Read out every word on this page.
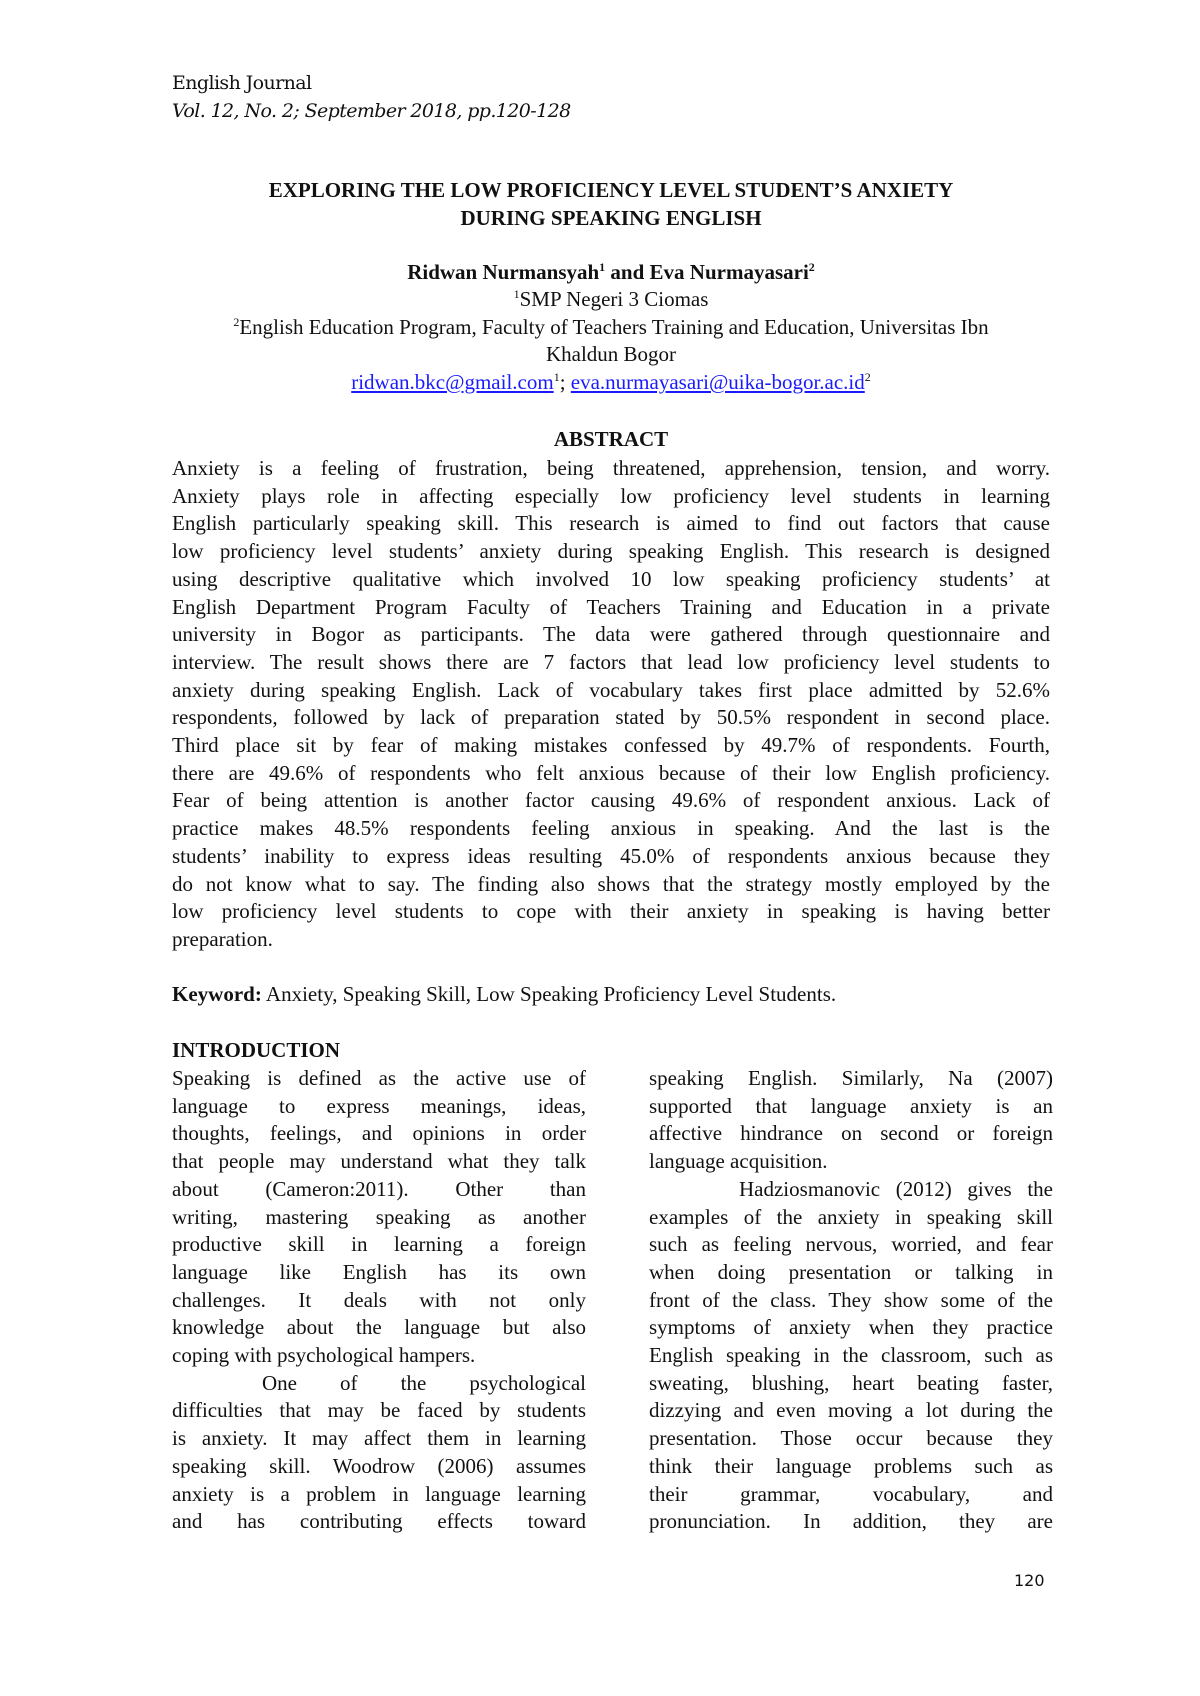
English Journal
Vol. 12, No. 2; September 2018, pp.120-128
EXPLORING THE LOW PROFICIENCY LEVEL STUDENT’S ANXIETY
DURING SPEAKING ENGLISH
Ridwan Nurmansyah$^1$ and Eva Nurmayasari$^2$
$^1$SMP Negeri 3 Ciomas
$^2$English Education Program, Faculty of Teachers Training and Education, Universitas Ibn
Khaldun Bogor
ridwan.bkc@gmail.com$^1$; $eva.nurmayasari@uika-bogor.ac.id^2$
ABSTRACT
Anxiety is a feeling of frustration, being threatened, apprehension, tension, and worry.
Anxiety plays role in affecting especially low proficiency level students in learning
English particularly speaking skill. This research is aimed to find out factors that cause
low proficiency level students’ anxiety during speaking English. This research is designed
using descriptive qualitative which involved 10 low speaking proficiency students’ at
English Department Program Faculty of Teachers Training and Education in a private
university in Bogor as participants. The data were gathered through questionnaire and
interview. The result shows there are 7 factors that lead low proficiency level students to
anxiety during speaking English. Lack of vocabulary takes first place admitted by 52.6%
respondents, followed by lack of preparation stated by 50.5% respondent in second place.
Third place sit by fear of making mistakes confessed by 49.7% of respondents. Fourth,
there are 49.6% of respondents who felt anxious because of their low English proficiency.
Fear of being attention is another factor causing 49.6% of respondent anxious. Lack of
practice makes 48.5% respondents feeling anxious in speaking. And the last is the
students’ inability to express ideas resulting 45.0% of respondents anxious because they
do not know what to say. The finding also shows that the strategy mostly employed by the
low proficiency level students to cope with their anxiety in speaking is having better
preparation.
Keyword: Anxiety, Speaking Skill, Low Speaking Proficiency Level Students.
INTRODUCTION
Speaking is defined as the active use of
language to express meanings, ideas,
thoughts, feelings, and opinions in order
that people may understand what they talk
about (Cameron:2011). Other than
writing, mastering speaking as another
productive skill in learning a foreign
language like English has its own
challenges. It deals with not only
knowledge about the language but also
coping with psychological hampers.
One of the psychological
difficulties that may be faced by students
is anxiety. It may affect them in learning
speaking skill. Woodrow (2006) assumes
anxiety is a problem in language learning
and has contributing effects toward
speaking English. Similarly, Na (2007)
supported that language anxiety is an
affective hindrance on second or foreign
language acquisition.
Hadziosmanovic (2012) gives the
examples of the anxiety in speaking skill
such as feeling nervous, worried, and fear
when doing presentation or talking in
front of the class. They show some of the
symptoms of anxiety when they practice
English speaking in the classroom, such as
sweating, blushing, heart beating faster,
dizzying and even moving a lot during the
presentation. Those occur because they
think their language problems such as
their grammar, vocabulary, and
pronunciation. In addition, they are
120
